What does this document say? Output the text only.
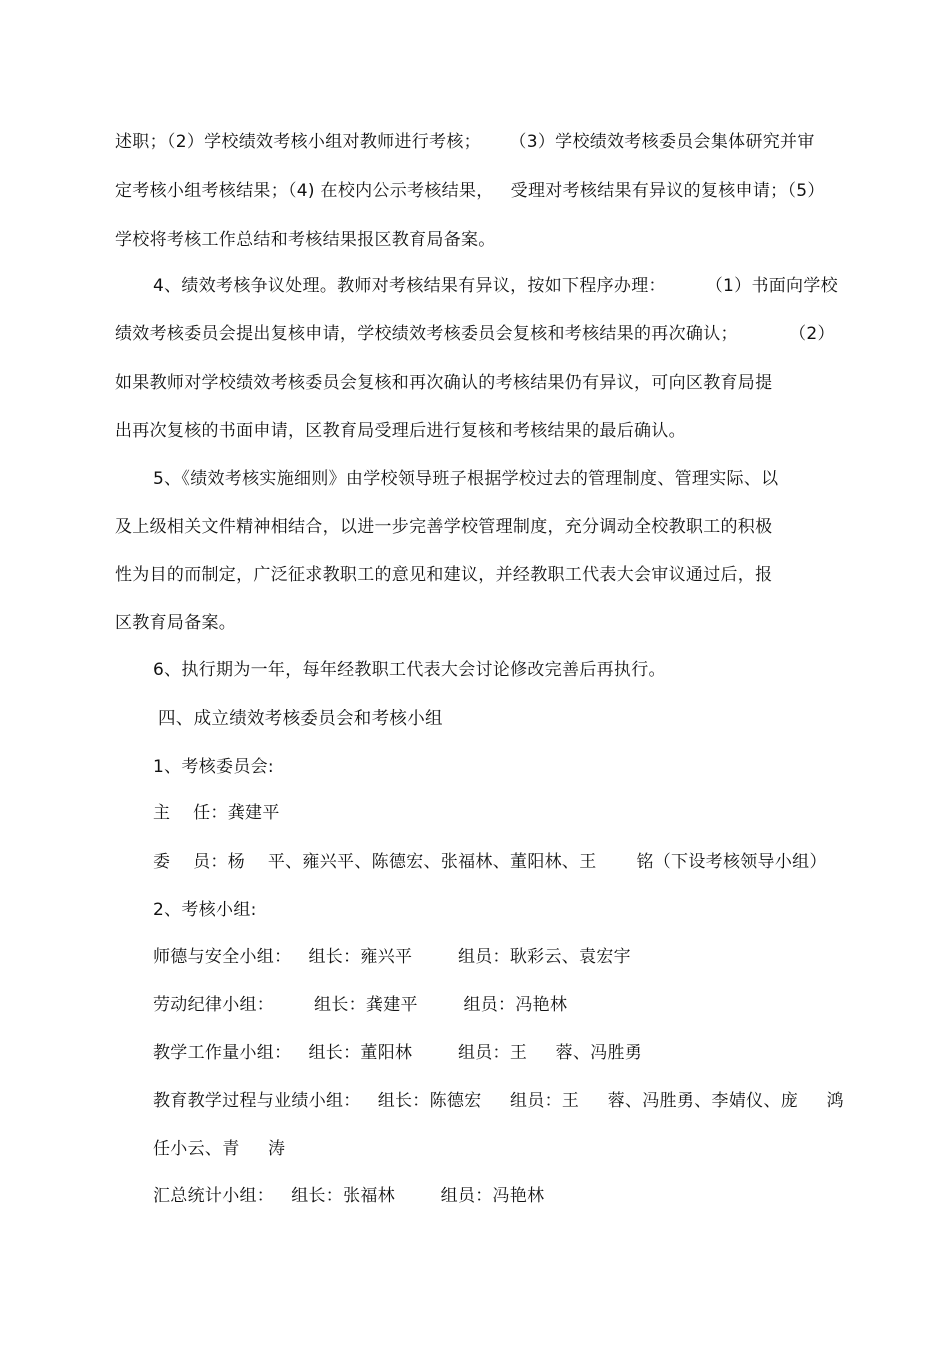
述职；（2）学校绩效考核小组对教师进行考核；     （3）学校绩效考核委员会集体研究并审
定考核小组考核结果；（4) 在校内公示考核结果，   受理对考核结果有异议的复核申请；（5）
学校将考核工作总结和考核结果报区教育局备案。
4、绩效考核争议处理。教师对考核结果有异议，按如下程序办理：       （1）书面向学校
绩效考核委员会提出复核申请，学校绩效考核委员会复核和考核结果的再次确认；         （2）
如果教师对学校绩效考核委员会复核和再次确认的考核结果仍有异议，可向区教育局提
出再次复核的书面申请，区教育局受理后进行复核和考核结果的最后确认。
5、《绩效考核实施细则》由学校领导班子根据学校过去的管理制度、管理实际、以
及上级相关文件精神相结合，以进一步完善学校管理制度，充分调动全校教职工的积极
性为目的而制定，广泛征求教职工的意见和建议，并经教职工代表大会审议通过后，报
区教育局备案。
6、执行期为一年，每年经教职工代表大会讨论修改完善后再执行。
四、成立绩效考核委员会和考核小组
1、考核委员会:
主    任：龚建平
委    员：杨    平、雍兴平、陈德宏、张福林、董阳林、王       铭（下设考核领导小组）
2、考核小组:
师德与安全小组：   组长：雍兴平        组员：耿彩云、袁宏宇
劳动纪律小组：       组长：龚建平        组员：冯艳林
教学工作量小组：   组长：董阳林        组员：王     蓉、冯胜勇
教育教学过程与业绩小组：   组长：陈德宏     组员：王     蓉、冯胜勇、李婧仪、庞     鸿
任小云、青     涛
汇总统计小组：   组长：张福林        组员：冯艳林
